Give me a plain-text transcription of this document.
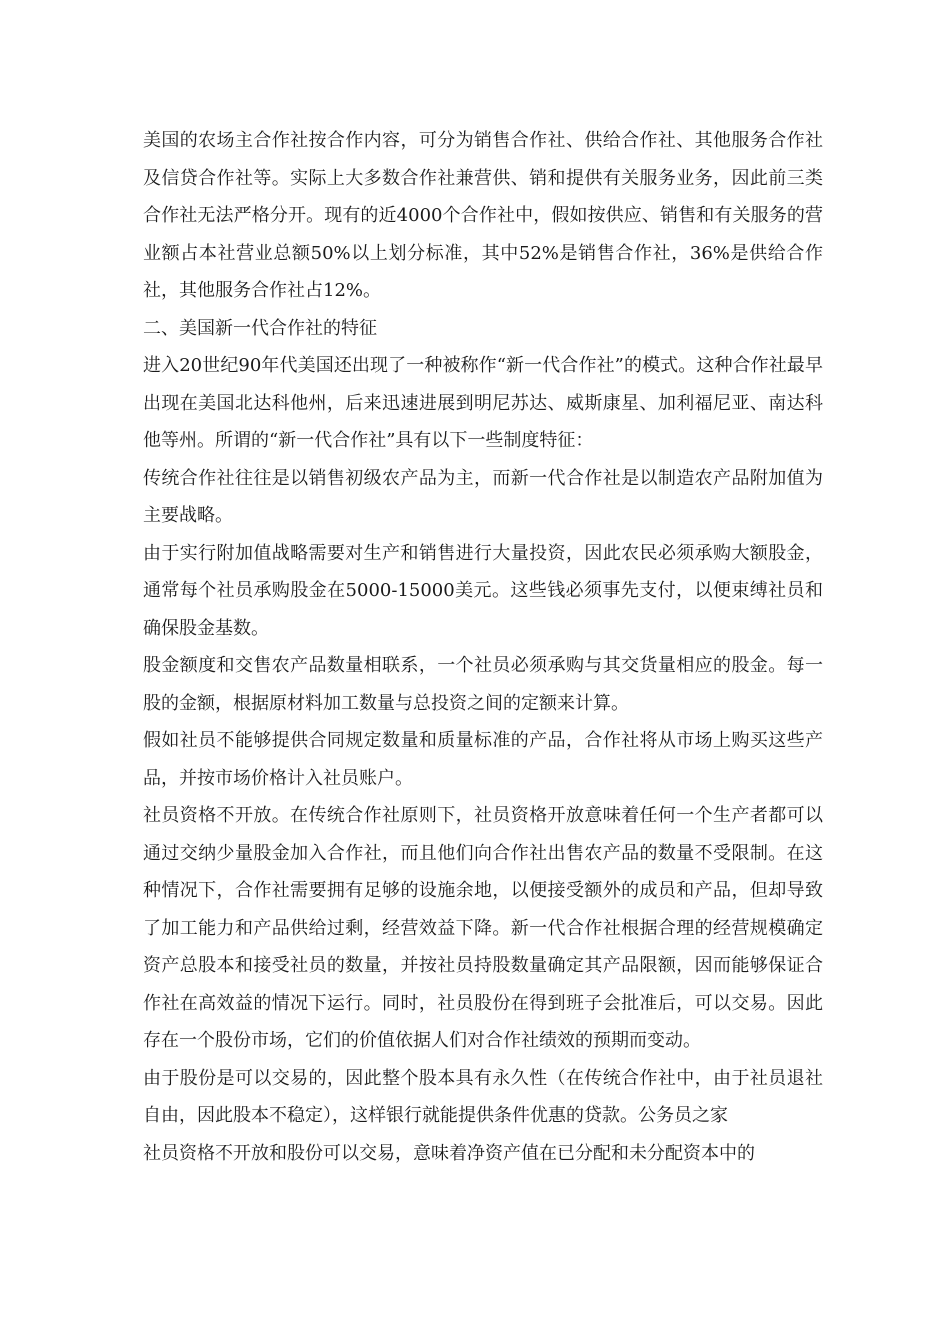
美国的农场主合作社按合作内容，可分为销售合作社、供给合作社、其他服务合作社及信贷合作社等。实际上大多数合作社兼营供、销和提供有关服务业务，因此前三类合作社无法严格分开。现有的近4000个合作社中，假如按供应、销售和有关服务的营业额占本社营业总额50%以上划分标准，其中52%是销售合作社，36%是供给合作社，其他服务合作社占12%。

二、美国新一代合作社的特征

进入20世纪90年代美国还出现了一种被称作“新一代合作社”的模式。这种合作社最早出现在美国北达科他州，后来迅速进展到明尼苏达、威斯康星、加利福尼亚、南达科他等州。所谓的“新一代合作社”具有以下一些制度特征：

传统合作社往往是以销售初级农产品为主，而新一代合作社是以制造农产品附加值为主要战略。

由于实行附加值战略需要对生产和销售进行大量投资，因此农民必须承购大额股金，通常每个社员承购股金在5000-15000美元。这些钱必须事先支付，以便束缚社员和确保股金基数。

股金额度和交售农产品数量相联系，一个社员必须承购与其交货量相应的股金。每一股的金额，根据原材料加工数量与总投资之间的定额来计算。

假如社员不能够提供合同规定数量和质量标准的产品，合作社将从市场上购买这些产品，并按市场价格计入社员账户。

社员资格不开放。在传统合作社原则下，社员资格开放意味着任何一个生产者都可以通过交纳少量股金加入合作社，而且他们向合作社出售农产品的数量不受限制。在这种情况下，合作社需要拥有足够的设施余地，以便接受额外的成员和产品，但却导致了加工能力和产品供给过剩，经营效益下降。新一代合作社根据合理的经营规模确定资产总股本和接受社员的数量，并按社员持股数量确定其产品限额，因而能够保证合作社在高效益的情况下运行。同时，社员股份在得到班子会批准后，可以交易。因此存在一个股份市场，它们的价值依据人们对合作社绩效的预期而变动。

由于股份是可以交易的，因此整个股本具有永久性（在传统合作社中，由于社员退社自由，因此股本不稳定），这样银行就能提供条件优惠的贷款。公务员之家

社员资格不开放和股份可以交易，意味着净资产值在已分配和未分配资本中的
